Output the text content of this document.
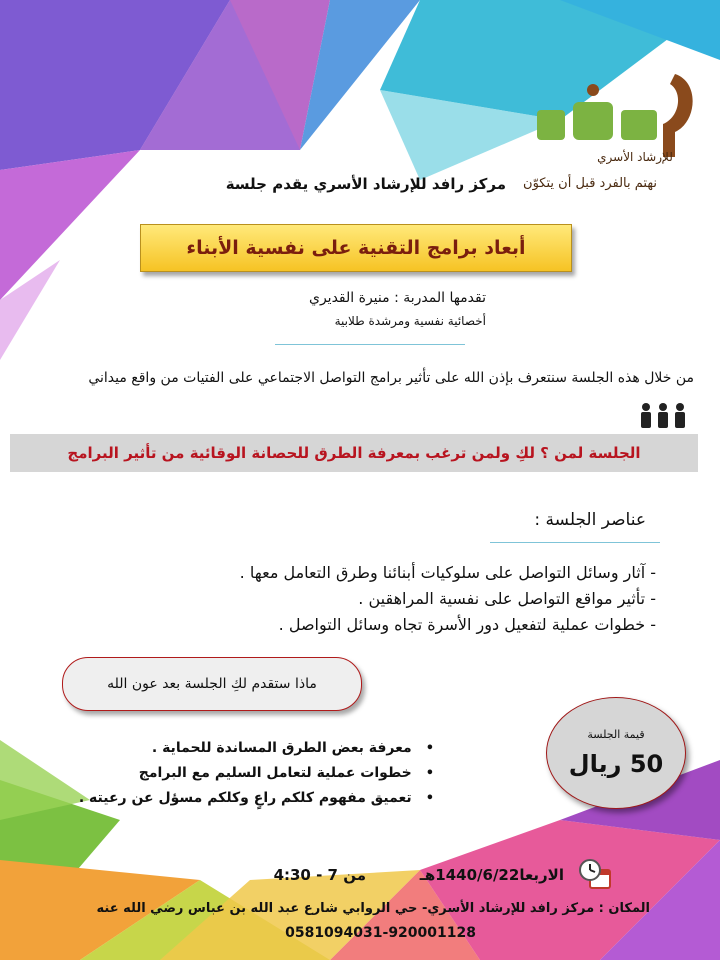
للإرشاد الأسري
نهتم بالفرد قبل أن يتكوّن
مركز رافد للإرشاد الأسري يقدم جلسة
أبعاد برامج التقنية على نفسية الأبناء
تقدمها المدربة : منيرة القديري
أخصائية نفسية ومرشدة طلابية
من خلال هذه الجلسة سنتعرف بإذن الله على تأثير برامج التواصل الاجتماعي على الفتيات من واقع ميداني
الجلسة لمن ؟ لكِ ولمن ترغب بمعرفة الطرق للحصانة الوقائية من تأثير البرامج
عناصر الجلسة :
- آثار وسائل التواصل على سلوكيات أبنائنا وطرق التعامل معها .
- تأثير مواقع التواصل على نفسية المراهقين .
- خطوات عملية لتفعيل دور الأسرة تجاه وسائل التواصل .
ماذا ستقدم لكِ الجلسة بعد عون الله
قيمة الجلسة
50 ريال
• معرفة بعض الطرق المساندة للحماية .
• خطوات عملية لتعامل السليم مع البرامج
• تعميق مفهوم كلكم راعٍ وكلكم مسؤل عن رعيته .
الاربعا1440/6/22هـ
من 7 - 4:30
المكان : مركز رافد للإرشاد الأسري- حي الروابي شارع عبد الله بن عباس رضي الله عنه
0581094031-920001128
